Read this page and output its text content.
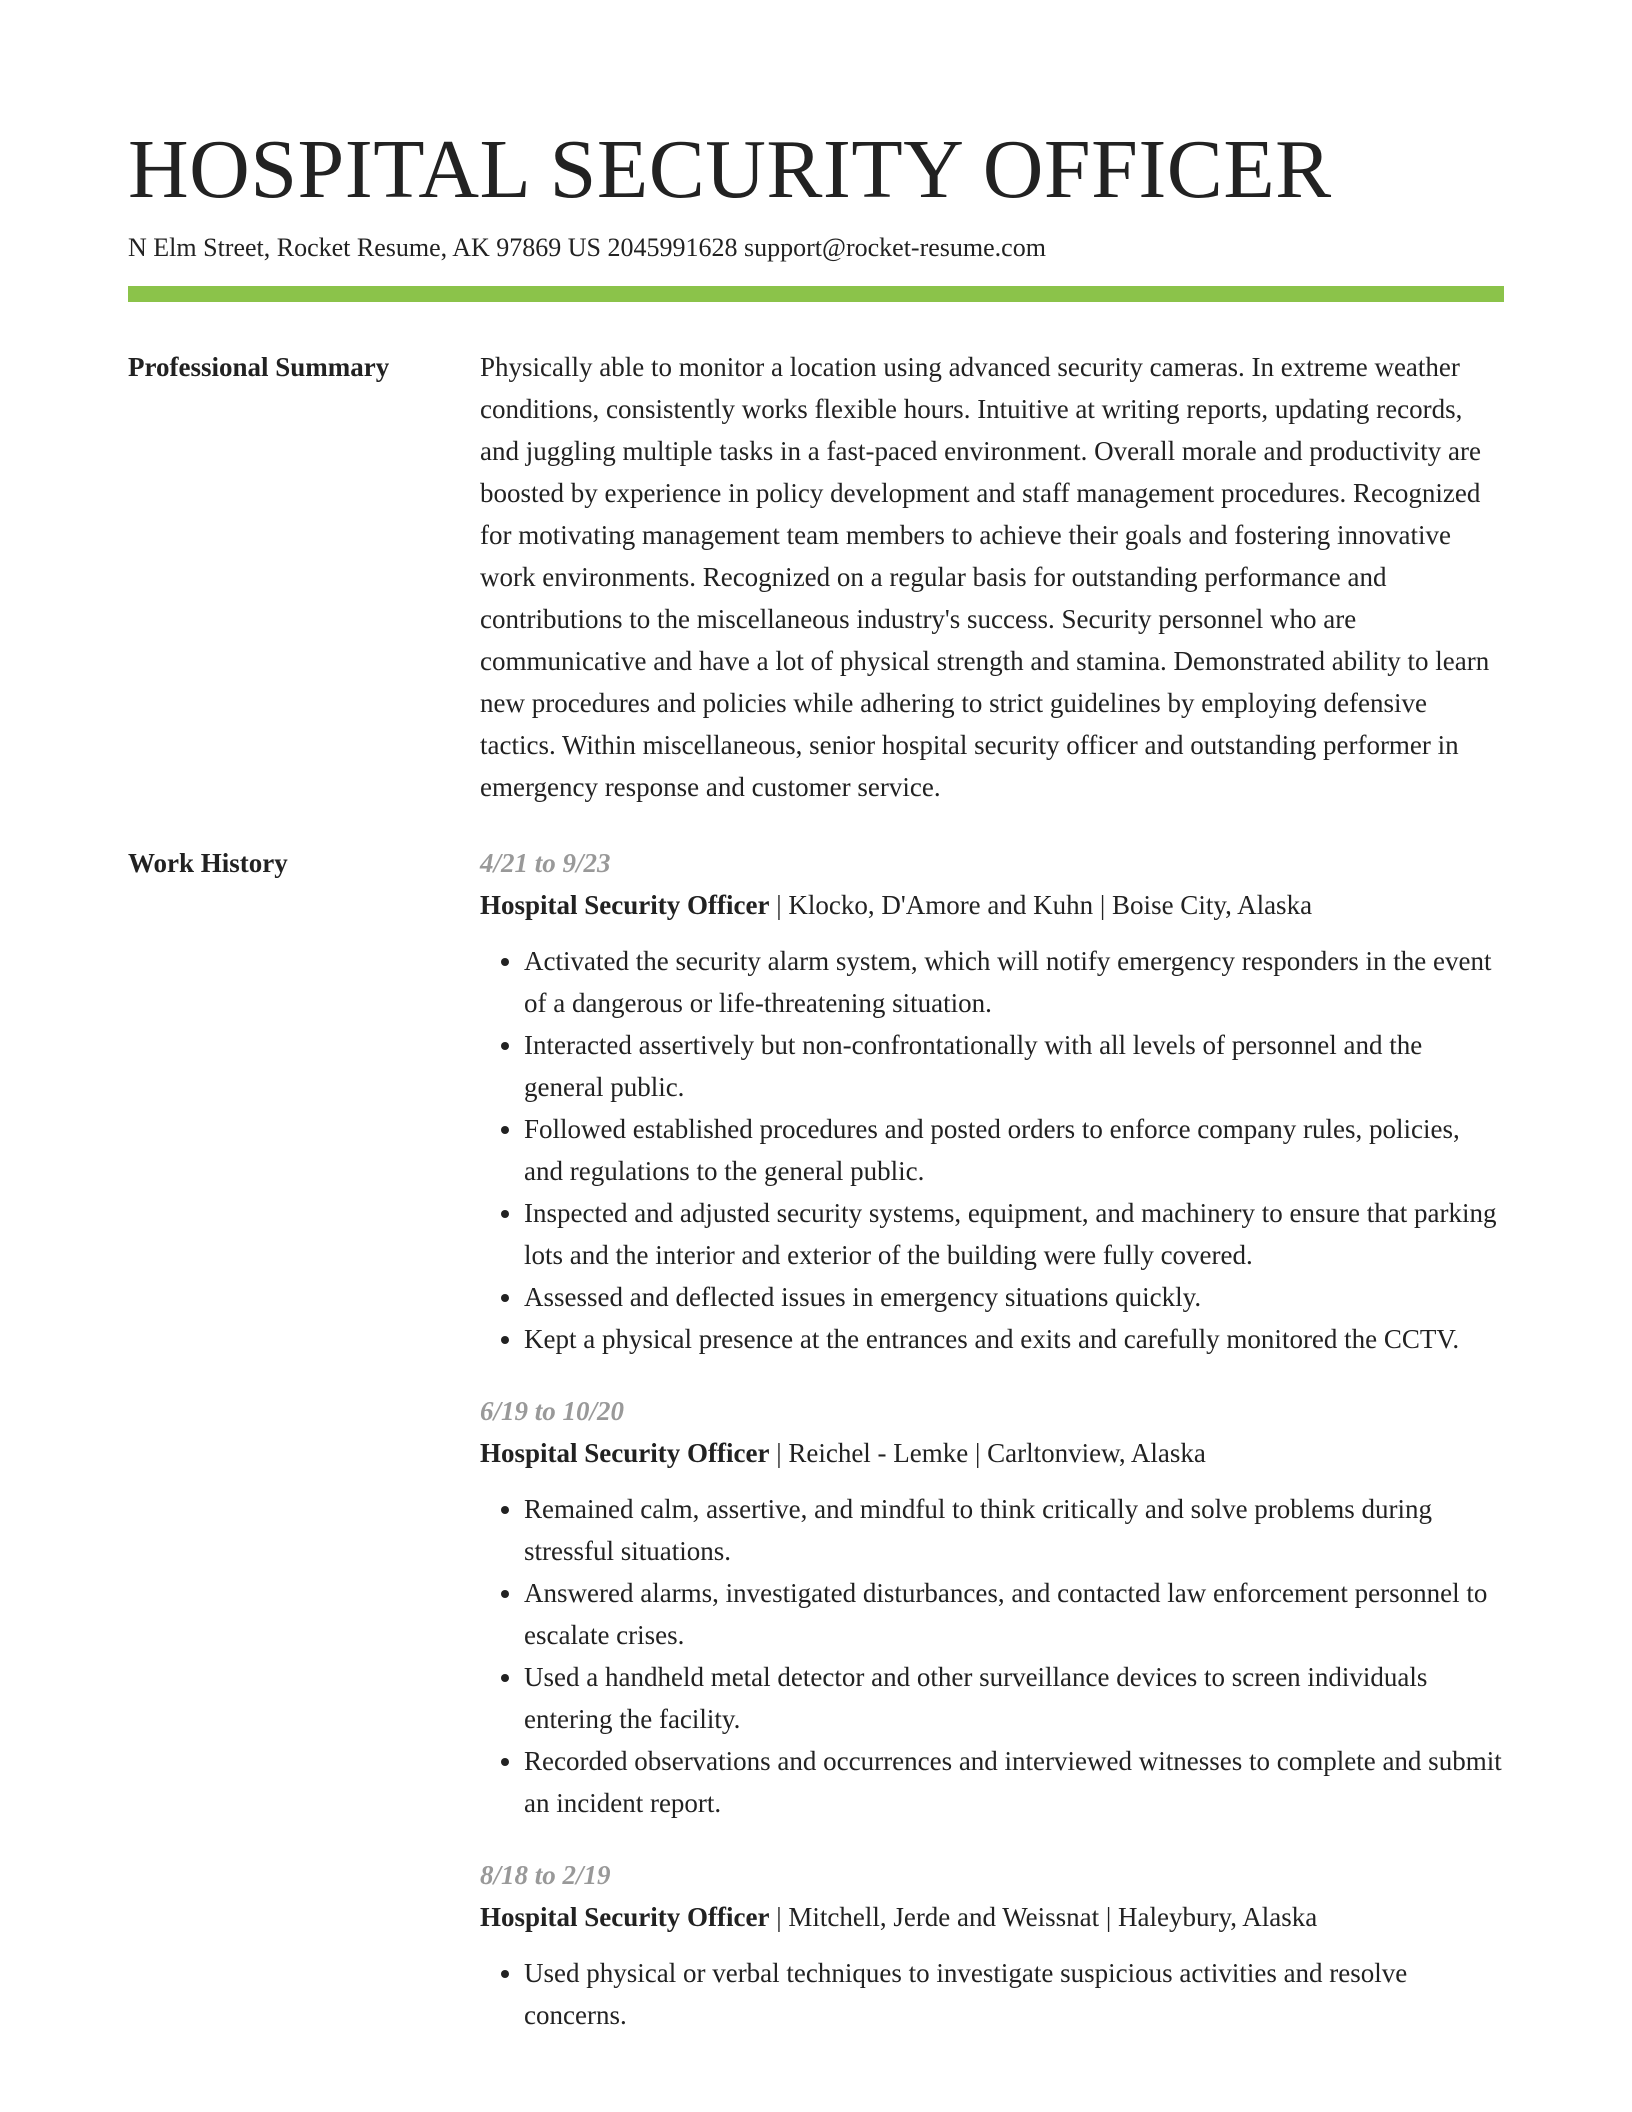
HOSPITAL SECURITY OFFICER
N Elm Street, Rocket Resume, AK 97869 US 2045991628 support@rocket-resume.com
Professional Summary	Physically able to monitor a location using advanced security cameras. In extreme weather conditions, consistently works flexible hours. Intuitive at writing reports, updating records, and juggling multiple tasks in a fast-paced environment. Overall morale and productivity are boosted by experience in policy development and staff management procedures. Recognized for motivating management team members to achieve their goals and fostering innovative work environments. Recognized on a regular basis for outstanding performance and contributions to the miscellaneous industry's success. Security personnel who are communicative and have a lot of physical strength and stamina. Demonstrated ability to learn new procedures and policies while adhering to strict guidelines by employing defensive tactics. Within miscellaneous, senior hospital security officer and outstanding performer in emergency response and customer service.

Work History	4/21 to 9/23
Hospital Security Officer | Klocko, D'Amore and Kuhn | Boise City, Alaska
• Activated the security alarm system, which will notify emergency responders in the event of a dangerous or life-threatening situation.
• Interacted assertively but non-confrontationally with all levels of personnel and the general public.
• Followed established procedures and posted orders to enforce company rules, policies, and regulations to the general public.
• Inspected and adjusted security systems, equipment, and machinery to ensure that parking lots and the interior and exterior of the building were fully covered.
• Assessed and deflected issues in emergency situations quickly.
• Kept a physical presence at the entrances and exits and carefully monitored the CCTV.
6/19 to 10/20
Hospital Security Officer | Reichel - Lemke | Carltonview, Alaska
• Remained calm, assertive, and mindful to think critically and solve problems during stressful situations.
• Answered alarms, investigated disturbances, and contacted law enforcement personnel to escalate crises.
• Used a handheld metal detector and other surveillance devices to screen individuals entering the facility.
• Recorded observations and occurrences and interviewed witnesses to complete and submit an incident report.
8/18 to 2/19
Hospital Security Officer | Mitchell, Jerde and Weissnat | Haleybury, Alaska
• Used physical or verbal techniques to investigate suspicious activities and resolve concerns.
